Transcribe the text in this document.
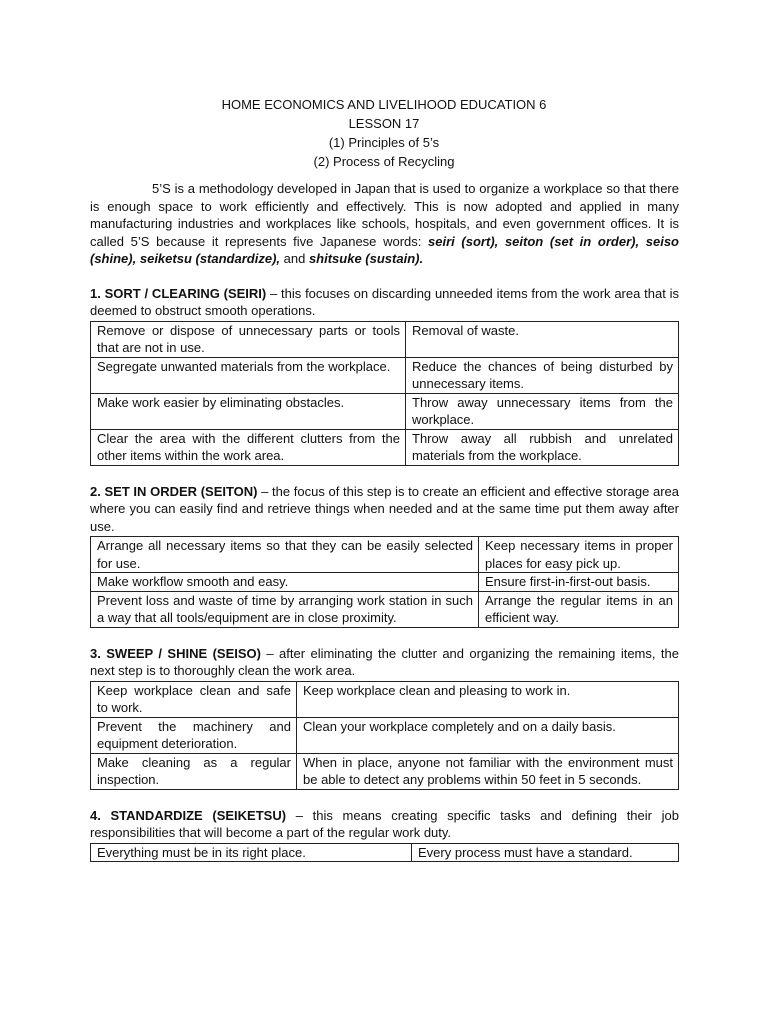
HOME ECONOMICS AND LIVELIHOOD EDUCATION 6
LESSON 17
(1) Principles of 5’s
(2) Process of Recycling

5’S is a methodology developed in Japan that is used to organize a workplace so that there is enough space to work efficiently and effectively. This is now adopted and applied in many manufacturing industries and workplaces like schools, hospitals, and even government offices. It is called 5’S because it represents five Japanese words: seiri (sort), seiton (set in order), seiso (shine), seiketsu (standardize), and shitsuke (sustain).

1. SORT / CLEARING (SEIRI) – this focuses on discarding unneeded items from the work area that is deemed to obstruct smooth operations.

Remove or dispose of unnecessary parts or tools that are not in use.	Removal of waste.
Segregate unwanted materials from the workplace.	Reduce the chances of being disturbed by unnecessary items.
Make work easier by eliminating obstacles.	Throw away unnecessary items from the workplace.
Clear the area with the different clutters from the other items within the work area.	Throw away all rubbish and unrelated materials from the workplace.

2. SET IN ORDER (SEITON) – the focus of this step is to create an efficient and effective storage area where you can easily find and retrieve things when needed and at the same time put them away after use.

Arrange all necessary items so that they can be easily selected for use.	Keep necessary items in proper places for easy pick up.
Make workflow smooth and easy.	Ensure first-in-first-out basis.
Prevent loss and waste of time by arranging work station in such a way that all tools/equipment are in close proximity.	Arrange the regular items in an efficient way.

3. SWEEP / SHINE (SEISO) – after eliminating the clutter and organizing the remaining items, the next step is to thoroughly clean the work area.

Keep workplace clean and safe to work.	Keep workplace clean and pleasing to work in.
Prevent the machinery and equipment deterioration.	Clean your workplace completely and on a daily basis.
Make cleaning as a regular inspection.	When in place, anyone not familiar with the environment must be able to detect any problems within 50 feet in 5 seconds.

4. STANDARDIZE (SEIKETSU) – this means creating specific tasks and defining their job responsibilities that will become a part of the regular work duty.

Everything must be in its right place.	Every process must have a standard.
